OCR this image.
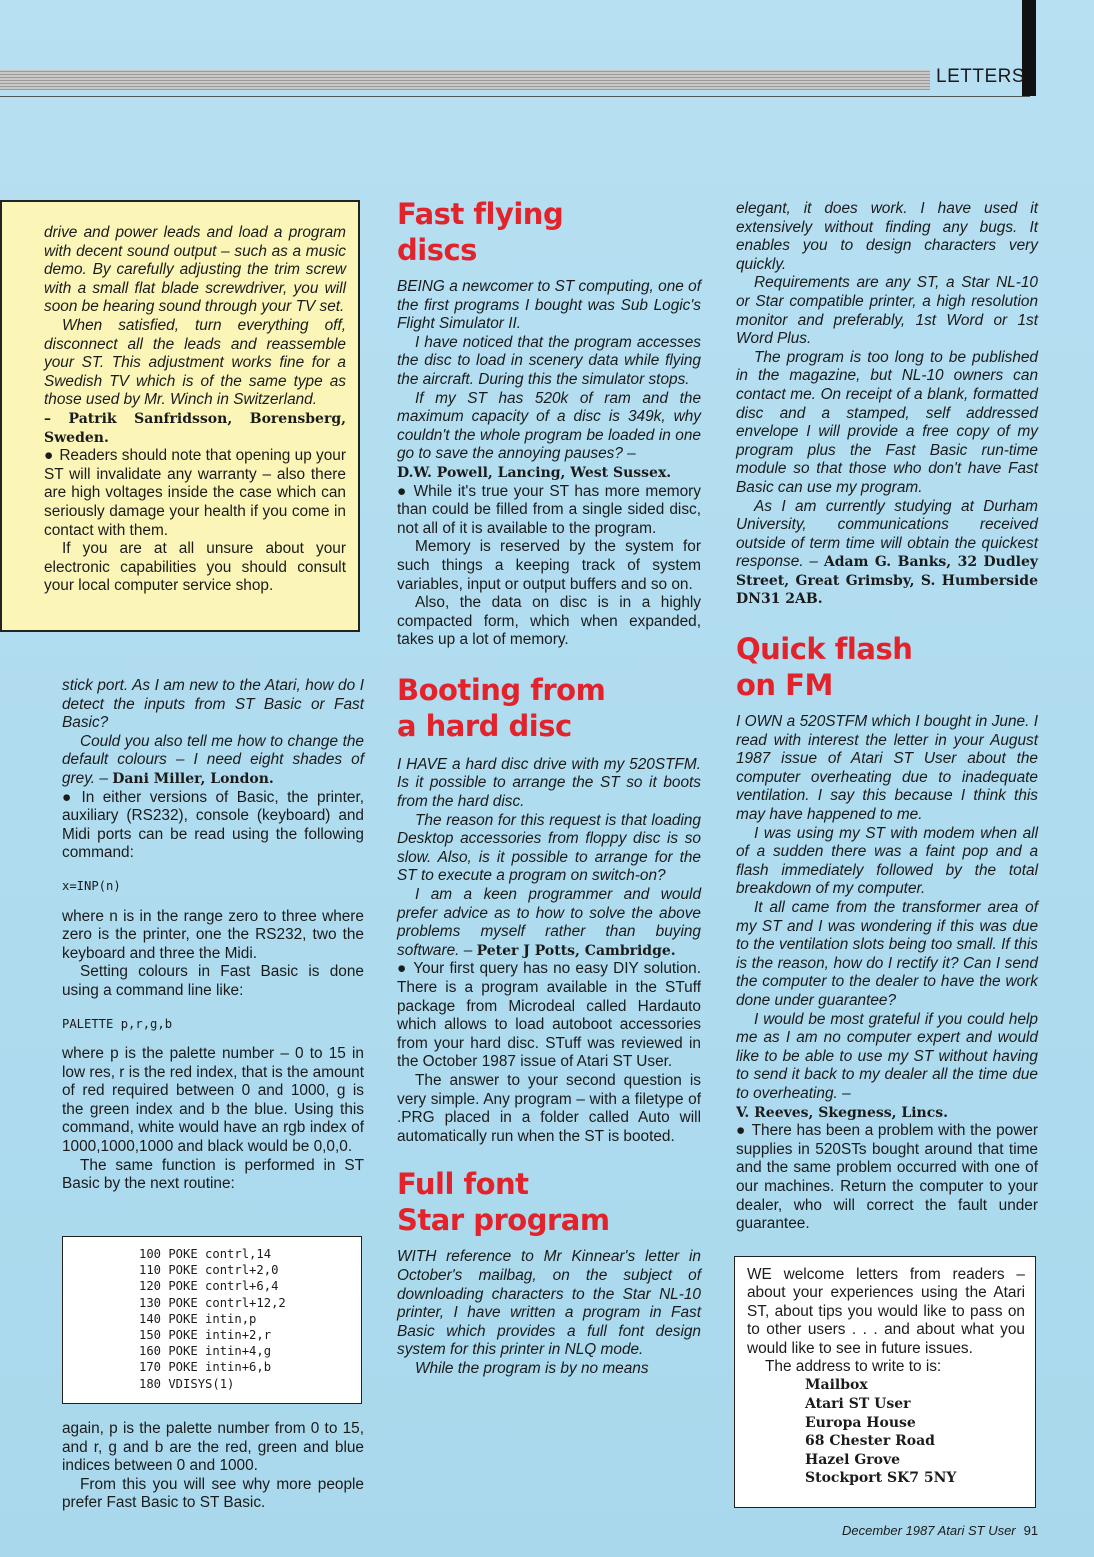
LETTERS

drive and power leads and load a program with decent sound output – such as a music demo. By carefully adjusting the trim screw with a small flat blade screwdriver, you will soon be hearing sound through your TV set.

When satisfied, turn everything off, disconnect all the leads and reassemble your ST. This adjustment works fine for a Swedish TV which is of the same type as those used by Mr. Winch in Switzerland.

– Patrik Sanfridsson, Borensberg, Sweden.

● Readers should note that opening up your ST will invalidate any warranty – also there are high voltages inside the case which can seriously damage your health if you come in contact with them.

If you are at all unsure about your electronic capabilities you should consult your local computer service shop.

stick port. As I am new to the Atari, how do I detect the inputs from ST Basic or Fast Basic?

Could you also tell me how to change the default colours – I need eight shades of grey. – Dani Miller, London.

● In either versions of Basic, the printer, auxiliary (RS232), console (keyboard) and Midi ports can be read using the following command:

x=INP(n)

where n is in the range zero to three where zero is the printer, one the RS232, two the keyboard and three the Midi.

Setting colours in Fast Basic is done using a command line like:

PALETTE p,r,g,b

where p is the palette number – 0 to 15 in low res, r is the red index, that is the amount of red required between 0 and 1000, g is the green index and b the blue. Using this command, white would have an rgb index of 1000,1000,1000 and black would be 0,0,0.

The same function is performed in ST Basic by the next routine:

100 POKE contrl,14
110 POKE contrl+2,0
120 POKE contrl+6,4
130 POKE contrl+12,2
140 POKE intin,p
150 POKE intin+2,r
160 POKE intin+4,g
170 POKE intin+6,b
180 VDISYS(1)

again, p is the palette number from 0 to 15, and r, g and b are the red, green and blue indices between 0 and 1000.

From this you will see why more people prefer Fast Basic to ST Basic.

Fast flying

discs

BEING a newcomer to ST computing, one of the first programs I bought was Sub Logic's Flight Simulator II.

I have noticed that the program accesses the disc to load in scenery data while flying the aircraft. During this the simulator stops.

If my ST has 520k of ram and the maximum capacity of a disc is 349k, why couldn't the whole program be loaded in one go to save the annoying pauses? –

D.W. Powell, Lancing, West Sussex.

● While it's true your ST has more memory than could be filled from a single sided disc, not all of it is available to the program.

Memory is reserved by the system for such things a keeping track of system variables, input or output buffers and so on.

Also, the data on disc is in a highly compacted form, which when expanded, takes up a lot of memory.

Booting from

a hard disc

I HAVE a hard disc drive with my 520STFM. Is it possible to arrange the ST so it boots from the hard disc.

The reason for this request is that loading Desktop accessories from floppy disc is so slow. Also, is it possible to arrange for the ST to execute a program on switch-on?

I am a keen programmer and would prefer advice as to how to solve the above problems myself rather than buying software. – Peter J Potts, Cambridge.

● Your first query has no easy DIY solution. There is a program available in the STuff package from Microdeal called Hardauto which allows to load autoboot accessories from your hard disc. STuff was reviewed in the October 1987 issue of Atari ST User.

The answer to your second question is very simple. Any program – with a filetype of .PRG placed in a folder called Auto will automatically run when the ST is booted.

Full font

Star program

WITH reference to Mr Kinnear's letter in October's mailbag, on the subject of downloading characters to the Star NL-10 printer, I have written a program in Fast Basic which provides a full font design system for this printer in NLQ mode.

While the program is by no means

elegant, it does work. I have used it extensively without finding any bugs. It enables you to design characters very quickly.

Requirements are any ST, a Star NL-10 or Star compatible printer, a high resolution monitor and preferably, 1st Word or 1st Word Plus.

The program is too long to be published in the magazine, but NL-10 owners can contact me. On receipt of a blank, formatted disc and a stamped, self addressed envelope I will provide a free copy of my program plus the Fast Basic run-time module so that those who don't have Fast Basic can use my program.

As I am currently studying at Durham University, communications received outside of term time will obtain the quickest response. – Adam G. Banks, 32 Dudley Street, Great Grimsby, S. Humberside DN31 2AB.

Quick flash

on FM

I OWN a 520STFM which I bought in June. I read with interest the letter in your August 1987 issue of Atari ST User about the computer overheating due to inadequate ventilation. I say this because I think this may have happened to me.

I was using my ST with modem when all of a sudden there was a faint pop and a flash immediately followed by the total breakdown of my computer.

It all came from the transformer area of my ST and I was wondering if this was due to the ventilation slots being too small. If this is the reason, how do I rectify it? Can I send the computer to the dealer to have the work done under guarantee?

I would be most grateful if you could help me as I am no computer expert and would like to be able to use my ST without having to send it back to my dealer all the time due to overheating. –

V. Reeves, Skegness, Lincs.

● There has been a problem with the power supplies in 520STs bought around that time and the same problem occurred with one of our machines. Return the computer to your dealer, who will correct the fault under guarantee.

WE welcome letters from readers – about your experiences using the Atari ST, about tips you would like to pass on to other users . . . and about what you would like to see in future issues.

The address to write to is:

Mailbox
Atari ST User
Europa House
68 Chester Road
Hazel Grove
Stockport SK7 5NY
December 1987 Atari ST User 91
